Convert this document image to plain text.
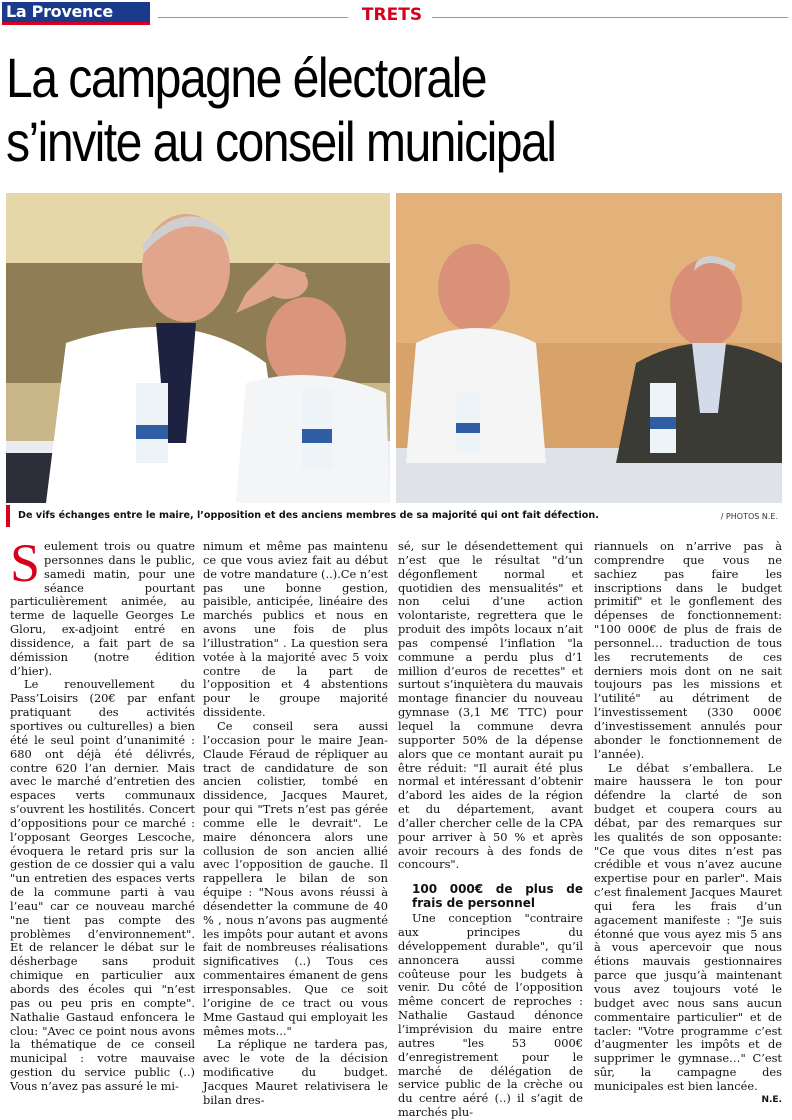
La Provence	TRETS
La campagne électorale
s’invite au conseil municipal
De vifs échanges entre le maire, l’opposition et des anciens membres de sa majorité qui ont fait défection.	/ PHOTOS N.E.

Seulement trois ou quatre personnes dans le public, samedi matin, pour une séance pourtant particulièrement animée, au terme de laquelle Georges Le Gloru, ex-adjoint entré en dissidence, a fait part de sa démission (notre édition d’hier).

Le renouvellement du Pass’Loisirs (20€ par enfant pratiquant des activités sportives ou culturelles) a bien été le seul point d’unanimité : 680 ont déjà été délivrés, contre 620 l’an dernier. Mais avec le marché d’entretien des espaces verts communaux s’ouvrent les hostilités. Concert d’oppositions pour ce marché : l’opposant Georges Lescoche, évoquera le retard pris sur la gestion de ce dossier qui a valu "un entretien des espaces verts de la commune parti à vau l’eau" car ce nouveau marché "ne tient pas compte des problèmes d’environnement". Et de relancer le débat sur le désherbage sans produit chimique en particulier aux abords des écoles qui "n’est pas ou peu pris en compte". Nathalie Gastaud enfoncera le clou: "Avec ce point nous avons la thématique de ce conseil municipal : votre mauvaise gestion du service public (..) Vous n’avez pas assuré le mi-

nimum et même pas maintenu ce que vous aviez fait au début de votre mandature (..).Ce n’est pas une bonne gestion, paisible, anticipée, linéaire des marchés publics et nous en avons une fois de plus l’illustration" . La question sera votée à la majorité avec 5 voix contre de la part de l’opposition et 4 abstentions pour le groupe majorité dissidente.

Ce conseil sera aussi l’occasion pour le maire Jean-Claude Féraud de répliquer au tract de candidature de son ancien colistier, tombé en dissidence, Jacques Mauret, pour qui "Trets n’est pas gérée comme elle le devrait". Le maire dénoncera alors une collusion de son ancien allié avec l’opposition de gauche. Il rappellera le bilan de son équipe : "Nous avons réussi à désendetter la commune de 40 % , nous n’avons pas augmenté les impôts pour autant et avons fait de nombreuses réalisations significatives (..) Tous ces commentaires émanent de gens irresponsables. Que ce soit l’origine de ce tract ou vous Mme Gastaud qui employait les mêmes mots..."

La réplique ne tardera pas, avec le vote de la décision modificative du budget. Jacques Mauret relativisera le bilan dres-

sé, sur le désendettement qui n’est que le résultat "d’un dégonflement normal et quotidien des mensualités" et non celui d’une action volontariste, regrettera que le produit des impôts locaux n’ait pas compensé l’inflation "la commune a perdu plus d’1 million d’euros de recettes" et surtout s’inquiètera du mauvais montage financier du nouveau gymnase (3,1 M€ TTC) pour lequel la commune devra supporter 50% de la dépense alors que ce montant aurait pu être réduit: "Il aurait été plus normal et intéressant d’obtenir d’abord les aides de la région et du département, avant d’aller chercher celle de la CPA pour arriver à 50 % et après avoir recours à des fonds de concours".

100 000€ de plus de frais de personnel

Une conception "contraire aux principes du développement durable", qu’il annoncera aussi comme coûteuse pour les budgets à venir. Du côté de l’opposition même concert de reproches : Nathalie Gastaud dénonce l’imprévision du maire entre autres "les 53 000€ d’enregistrement pour le marché de délégation de service public de la crèche ou du centre aéré (..) il s’agit de marchés plu-

riannuels on n’arrive pas à comprendre que vous ne sachiez pas faire les inscriptions dans le budget primitif" et le gonflement des dépenses de fonctionnement: "100 000€ de plus de frais de personnel… traduction de tous les recrutements de ces derniers mois dont on ne sait toujours pas les missions et l’utilité" au détriment de l’investissement (330 000€ d’investissement annulés pour abonder le fonctionnement de l’année).

Le débat s’emballera. Le maire haussera le ton pour défendre la clarté de son budget et coupera cours au débat, par des remarques sur les qualités de son opposante: "Ce que vous dites n’est pas crédible et vous n’avez aucune expertise pour en parler". Mais c’est finalement Jacques Mauret qui fera les frais d’un agacement manifeste : "Je suis étonné que vous ayez mis 5 ans à vous apercevoir que nous étions mauvais gestionnaires parce que jusqu’à maintenant vous avez toujours voté le budget avec nous sans aucun commentaire particulier" et de tacler: "Votre programme c’est d’augmenter les impôts et de supprimer le gymnase…" C’est sûr, la campagne des municipales est bien lancée.
N.E.
